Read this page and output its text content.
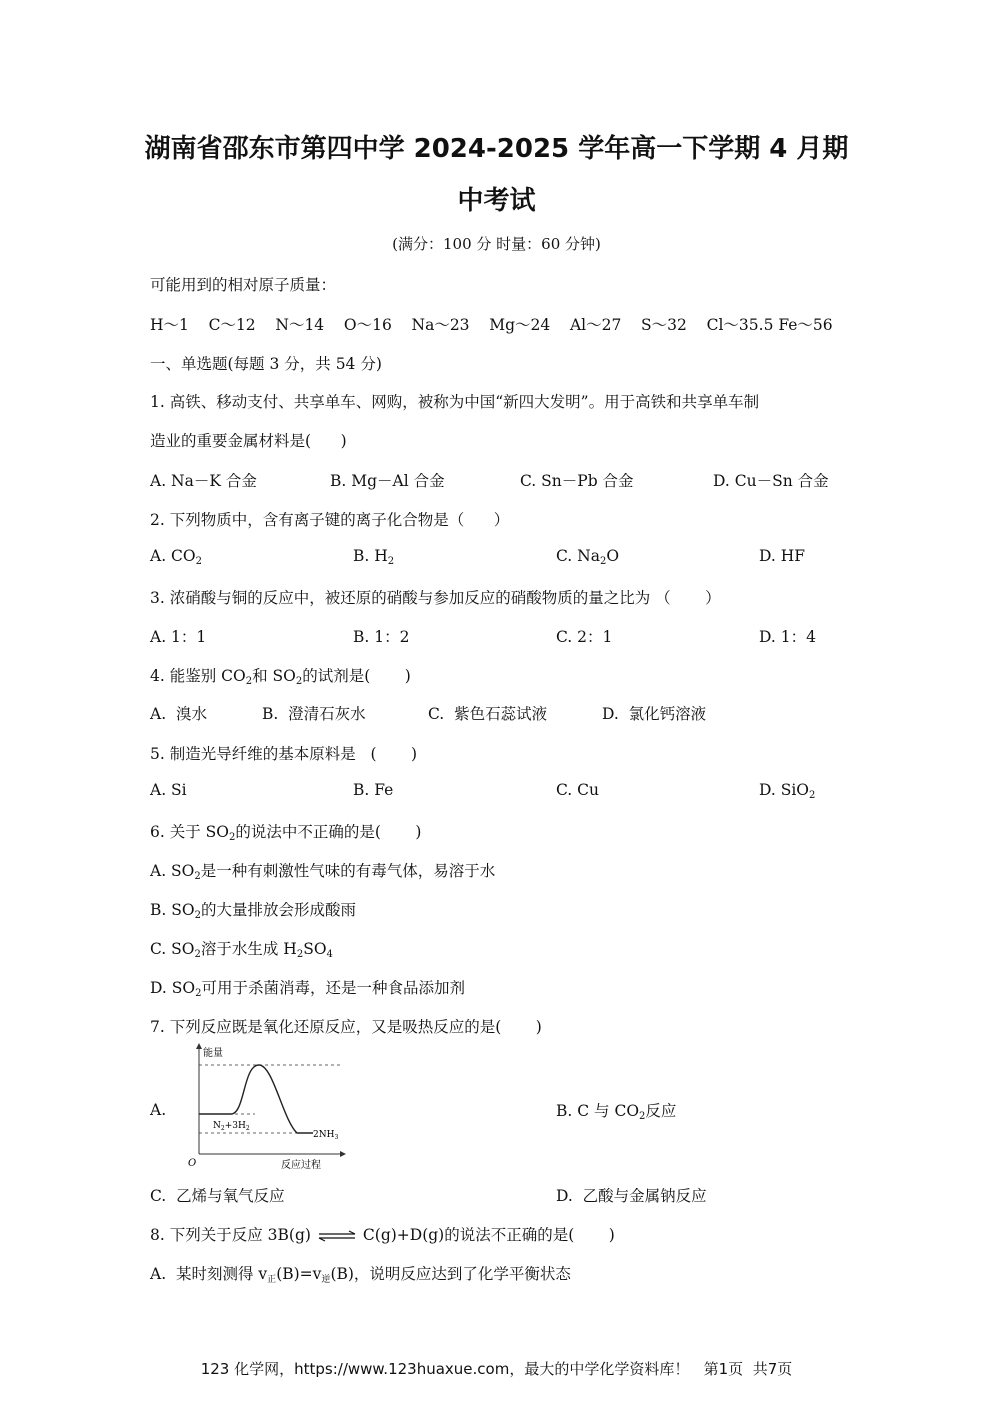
湖南省邵东市第四中学 2024-2025 学年高一下学期 4 月期
中考试
(满分：100 分 时量：60 分钟)
可能用到的相对原子质量：
H～1    C～12    N～14    O～16    Na～23    Mg～24    Al～27    S～32    Cl～35.5 Fe～56
一、单选题(每题 3 分，共 54 分)
1. 高铁、移动支付、共享单车、网购，被称为中国“新四大发明”。用于高铁和共享单车制
造业的重要金属材料是(      )
A. Na－K 合金	B. Mg－Al 合金	C. Sn－Pb 合金	D. Cu－Sn 合金
2. 下列物质中，含有离子键的离子化合物是（      ）
A. $CO_2$	B. $H_2$	C. $Na_2O$	D. HF
3. 浓硝酸与铜的反应中，被还原的硝酸与参加反应的硝酸物质的量之比为 （       ）
A. 1：1	B. 1：2	C. 2：1	D. 1：4
4. 能鉴别 $CO_2$和 $SO_2$的试剂是(       )
A.  溴水	B.  澄清石灰水	C.  紫色石蕊试液	D.  氯化钙溶液
5. 制造光导纤维的基本原料是   (       )
A. Si	B. Fe	C. Cu	D. SiO$_2$
6. 关于 $SO_2$的说法中不正确的是(       )
A. $SO_2$是一种有刺激性气味的有毒气体，易溶于水
B. $SO_2$的大量排放会形成酸雨
C. $SO_2$溶于水生成 $H_2SO_4$
D. $SO_2$可用于杀菌消毒，还是一种食品添加剂
7. 下列反应既是氧化还原反应，又是吸热反应的是(       )
A.
能量
O	反应过程
$N_2+3H_2$
$2NH_3$
B. C 与 $CO_2$反应
C.  乙烯与氧气反应	D.  乙酸与金属钠反应
8. 下列关于反应 3B(g) ⇌ C(g)+D(g)的说法不正确的是(       )
A.  某时刻测得 $v_正(B)=v_逆(B)$，说明反应达到了化学平衡状态
123 化学网，https://www.123huaxue.com，最大的中学化学资料库！   第1页  共7页
